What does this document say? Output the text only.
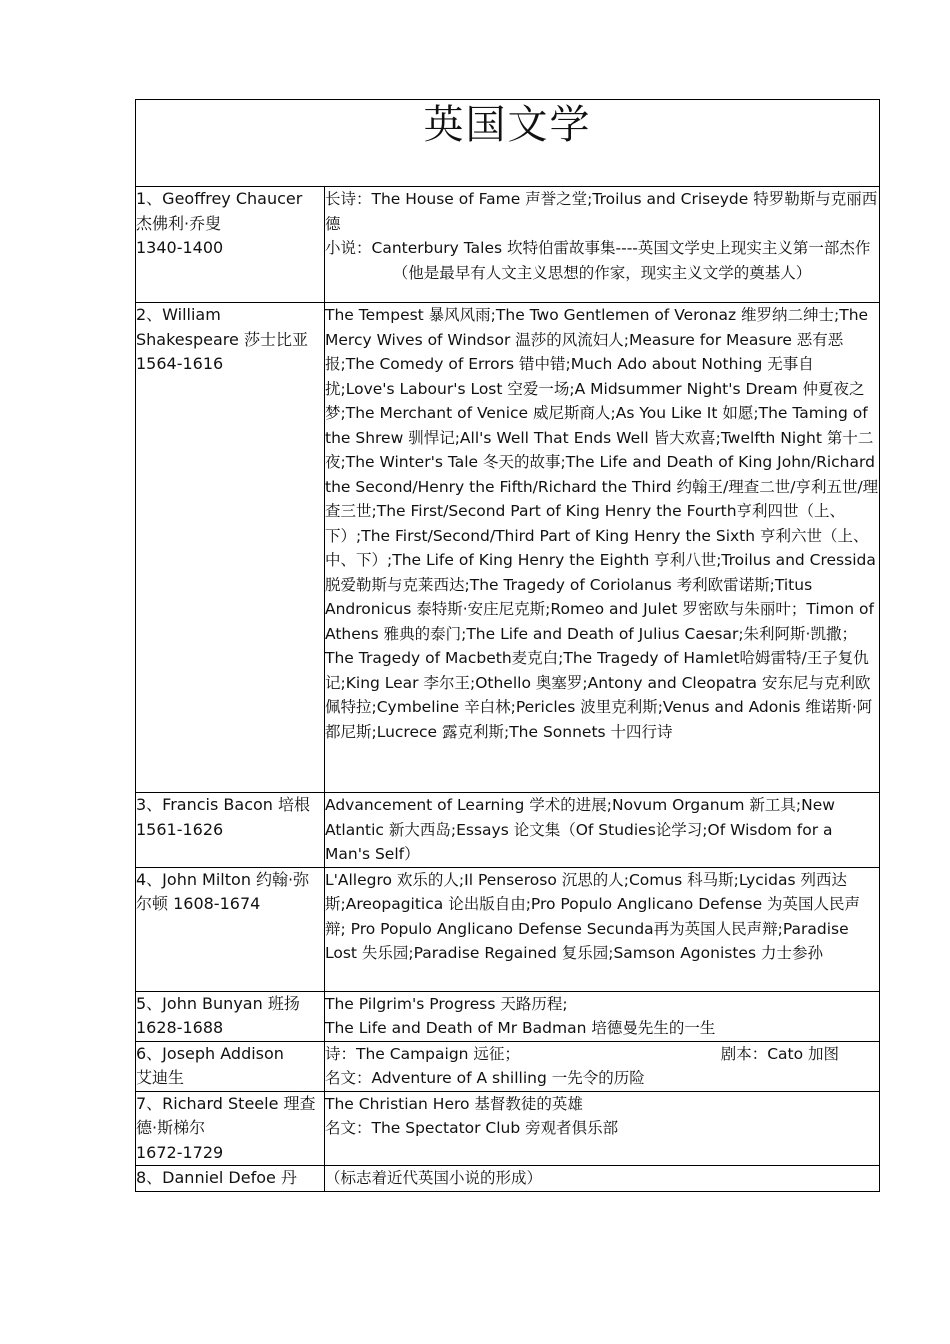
英国文学	

1、Geoffrey Chaucer
杰佛利·乔叟
1340-1400	长诗：The House of Fame 声誉之堂;Troilus and Criseyde 特罗勒斯与克丽西德
小说：Canterbury Tales 坎特伯雷故事集----英国文学史上现实主义第一部杰作
（他是最早有人文主义思想的作家，现实主义文学的奠基人）

2、William Shakespeare 莎士比亚 1564-1616	The Tempest 暴风风雨;The Two Gentlemen of Veronaz 维罗纳二绅士;The Mercy Wives of Windsor 温莎的风流妇人;Measure for Measure 恶有恶报;The Comedy of Errors 错中错;Much Ado about Nothing 无事自扰;Love's Labour's Lost 空爱一场;A Midsummer Night's Dream 仲夏夜之梦;The Merchant of Venice 威尼斯商人;As You Like It 如愿;The Taming of the Shrew 驯悍记;All's Well That Ends Well 皆大欢喜;Twelfth Night 第十二夜;The Winter's Tale 冬天的故事;The Life and Death of King John/Richard the Second/Henry the Fifth/Richard the Third 约翰王/理查二世/亨利五世/理查三世;The First/Second Part of King Henry the Fourth亨利四世（上、下）;The First/Second/Third Part of King Henry the Sixth 亨利六世（上、中、下）;The Life of King Henry the Eighth 亨利八世;Troilus and Cressida脱爱勒斯与克莱西达;The Tragedy of Coriolanus 考利欧雷诺斯;Titus Andronicus 泰特斯·安庄尼克斯;Romeo and Julet 罗密欧与朱丽叶；Timon of Athens 雅典的泰门;The Life and Death of Julius Caesar;朱利阿斯·凯撒；The Tragedy of Macbeth麦克白;The Tragedy of Hamlet哈姆雷特/王子复仇记;King Lear 李尔王;Othello 奥塞罗;Antony and Cleopatra 安东尼与克利欧佩特拉;Cymbeline 辛白林;Pericles 波里克利斯;Venus and Adonis 维诺斯·阿都尼斯;Lucrece 露克利斯;The Sonnets 十四行诗

3、Francis Bacon 培根 1561-1626	Advancement of Learning 学术的进展;Novum Organum 新工具;New Atlantic 新大西岛;Essays 论文集（Of Studies论学习;Of Wisdom for a Man's Self）

4、John Milton 约翰·弥尔顿 1608-1674	L'Allegro 欢乐的人;Il Penseroso 沉思的人;Comus 科马斯;Lycidas 列西达斯;Areopagitica 论出版自由;Pro Populo Anglicano Defense 为英国人民声辩; Pro Populo Anglicano Defense Secunda再为英国人民声辩;Paradise Lost 失乐园;Paradise Regained 复乐园;Samson Agonistes 力士参孙

5、John Bunyan 班扬
1628-1688	The Pilgrim's Progress 天路历程;
The Life and Death of Mr Badman 培德曼先生的一生

6、Joseph Addison
艾迪生	诗：The Campaign 远征； 剧本：Cato 加图
名文：Adventure of A shilling 一先令的历险

7、Richard Steele 理查德·斯梯尔
1672-1729	The Christian Hero 基督教徒的英雄
名文：The Spectator Club 旁观者俱乐部

8、Danniel Defoe 丹	（标志着近代英国小说的形成）
